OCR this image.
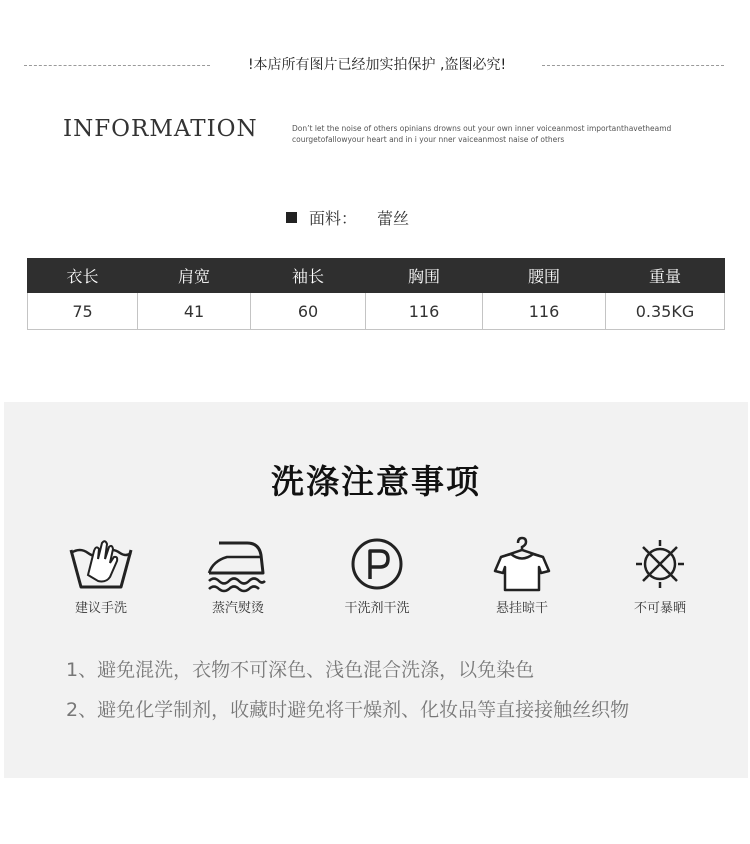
!本店所有图片已经加实拍保护 ,盗图必究!
INFORMATION	Don’t let the noise of others opinians drowns out your own inner voiceanmost importanthavetheamd
courgetofallowyour heart and in i your nner vaiceanmost naise of others
面料： 蕾丝
衣长	肩宽	袖长	胸围	腰围	重量
75	41	60	116	116	0.35KG
洗涤注意事项
建议手洗	蒸汽熨烫	干洗剂干洗	悬挂晾干	不可暴晒
1、避免混洗，衣物不可深色、浅色混合洗涤，以免染色
2、避免化学制剂，收藏时避免将干燥剂、化妆品等直接接触丝织物
